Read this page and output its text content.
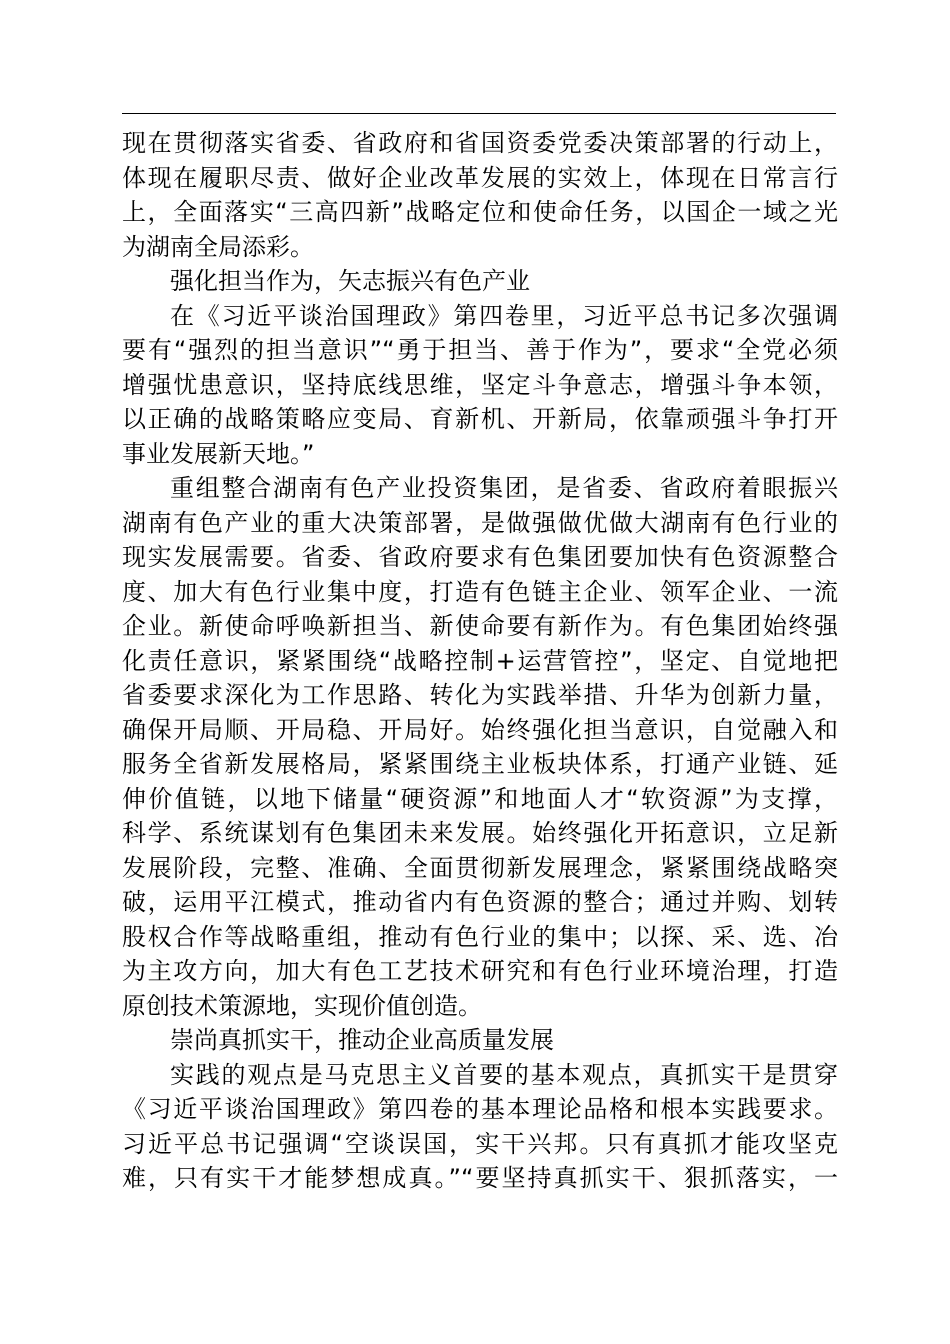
现在贯彻落实省委、省政府和省国资委党委决策部署的行动上，
体现在履职尽责、做好企业改革发展的实效上，体现在日常言行
上，全面落实“三高四新”战略定位和使命任务，以国企一域之光
为湖南全局添彩。
强化担当作为，矢志振兴有色产业
在《习近平谈治国理政》第四卷里，习近平总书记多次强调
要有“强烈的担当意识”“勇于担当、善于作为”，要求“全党必须
增强忧患意识，坚持底线思维，坚定斗争意志，增强斗争本领，
以正确的战略策略应变局、育新机、开新局，依靠顽强斗争打开
事业发展新天地。”
重组整合湖南有色产业投资集团，是省委、省政府着眼振兴
湖南有色产业的重大决策部署，是做强做优做大湖南有色行业的
现实发展需要。省委、省政府要求有色集团要加快有色资源整合
度、加大有色行业集中度，打造有色链主企业、领军企业、一流
企业。新使命呼唤新担当、新使命要有新作为。有色集团始终强
化责任意识，紧紧围绕“战略控制+运营管控”，坚定、自觉地把
省委要求深化为工作思路、转化为实践举措、升华为创新力量，
确保开局顺、开局稳、开局好。始终强化担当意识，自觉融入和
服务全省新发展格局，紧紧围绕主业板块体系，打通产业链、延
伸价值链，以地下储量“硬资源”和地面人才“软资源”为支撑，
科学、系统谋划有色集团未来发展。始终强化开拓意识，立足新
发展阶段，完整、准确、全面贯彻新发展理念，紧紧围绕战略突
破，运用平江模式，推动省内有色资源的整合；通过并购、划转
股权合作等战略重组，推动有色行业的集中；以探、采、选、冶
为主攻方向，加大有色工艺技术研究和有色行业环境治理，打造
原创技术策源地，实现价值创造。
崇尚真抓实干，推动企业高质量发展
实践的观点是马克思主义首要的基本观点，真抓实干是贯穿
《习近平谈治国理政》第四卷的基本理论品格和根本实践要求。
习近平总书记强调“空谈误国，实干兴邦。只有真抓才能攻坚克
难，只有实干才能梦想成真。”“要坚持真抓实干、狠抓落实，一
